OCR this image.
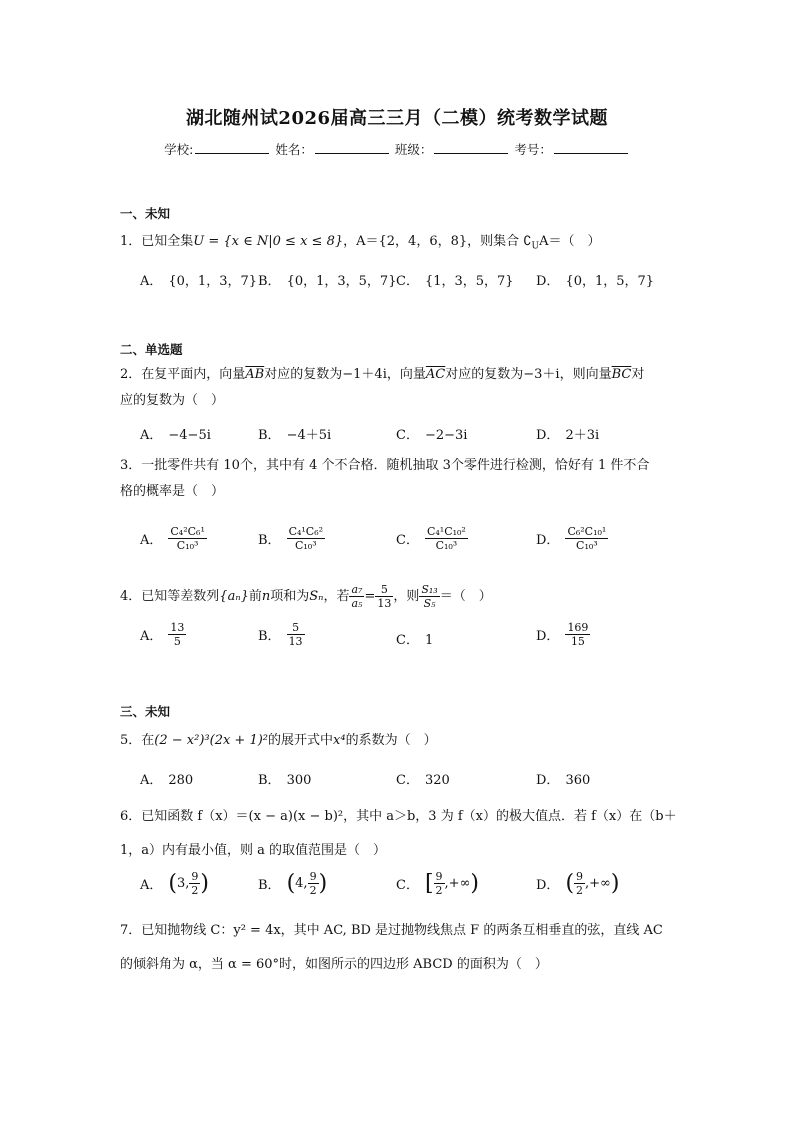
湖北随州试2026届高三三月（二模）统考数学试题
学校:	姓名：	班级：	考号：
一、未知
1．已知全集U = {x ∈ N|0 ≤ x ≤ 8}，A＝{2，4，6，8}，则集合 $∁_UA=$（　）
A． {0，1，3，7} B． {0，1，3，5，7} C． {1，3，5，7} D． {0，1，5，7}
二、单选题
2．在复平面内，向量$\overline{AB}$对应的复数为−1＋4i，向量$\overline{AC}$对应的复数为−3＋i，则向量$\overline{BC}$对
应的复数为（　）
A． −4−5i	B． −4＋5i	C． −2−3i	D． 2＋3i
3．一批零件共有 10个，其中有 4 个不合格．随机抽取 3个零件进行检测，恰好有 1 件不合
格的概率是（　）
A． $\frac{\text{C₄²C₆¹}}{\text{C₁₀³}}$	B． $\frac{\text{C₄¹C₆²}}{\text{C₁₀³}}$	C． $\frac{\text{C₄¹C₁₀²}}{\text{C₁₀³}}$	D． $\frac{\text{C₆²C₁₀¹}}{\text{C₁₀³}}$
4．已知等差数列{aₙ}前n项和为Sₙ，若 $\frac{\text{a₇}}{\text{a₅}} = \frac{5}{13}$ ，则 $\frac{\text{S₁₃}}{\text{S₅}}$ ＝（　）
A． $\frac{13}{5}$	B． $\frac{5}{13}$	C． 1	D． $\frac{169}{15}$
三、未知
5．在(2 − x²)³(2x + 1)²的展开式中x⁴的系数为（　）
A． 280	B． 300	C． 320	D． 360
6．已知函数 f（x）＝(x − a)(x − b)²，其中 a＞b，3 为 f（x）的极大值点．若 f（x）在（b＋
1，a）内有最小值，则 a 的取值范围是（　）
A． (3, $\frac{9}{2}$ )	B． (4, $\frac{9}{2}$ )	C． [ $\frac{9}{2}$ ,+∞)	D． ( $\frac{9}{2}$ ,+∞)
7．已知抛物线 C：y² = 4x，其中 AC, BD 是过抛物线焦点 F 的两条互相垂直的弦，直线 AC
的倾斜角为 α，当 α = 60°时，如图所示的四边形 ABCD 的面积为（　）
